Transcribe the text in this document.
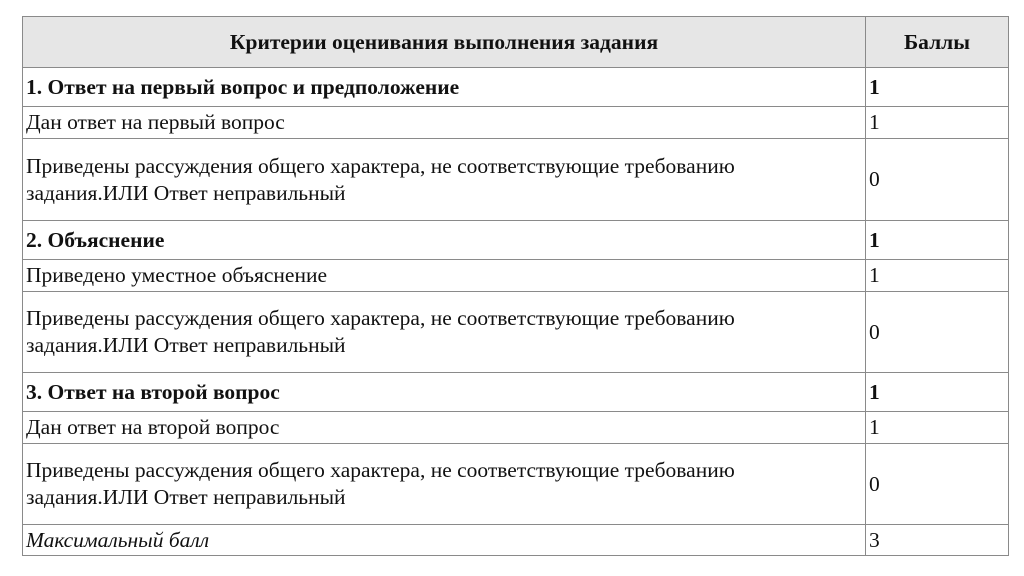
Критерии оценивания выполнения задания	Баллы
1. Ответ на первый вопрос и предположение	1
Дан ответ на первый вопрос	1
Приведены рассуждения общего характера, не соответствующие требованию задания.ИЛИ Ответ неправильный	0
2. Объяснение	1
Приведено уместное объяснение	1
Приведены рассуждения общего характера, не соответствующие требованию задания.ИЛИ Ответ неправильный	0
3. Ответ на второй вопрос	1
Дан ответ на второй вопрос	1
Приведены рассуждения общего характера, не соответствующие требованию задания.ИЛИ Ответ неправильный	0
Максимальный балл	3
